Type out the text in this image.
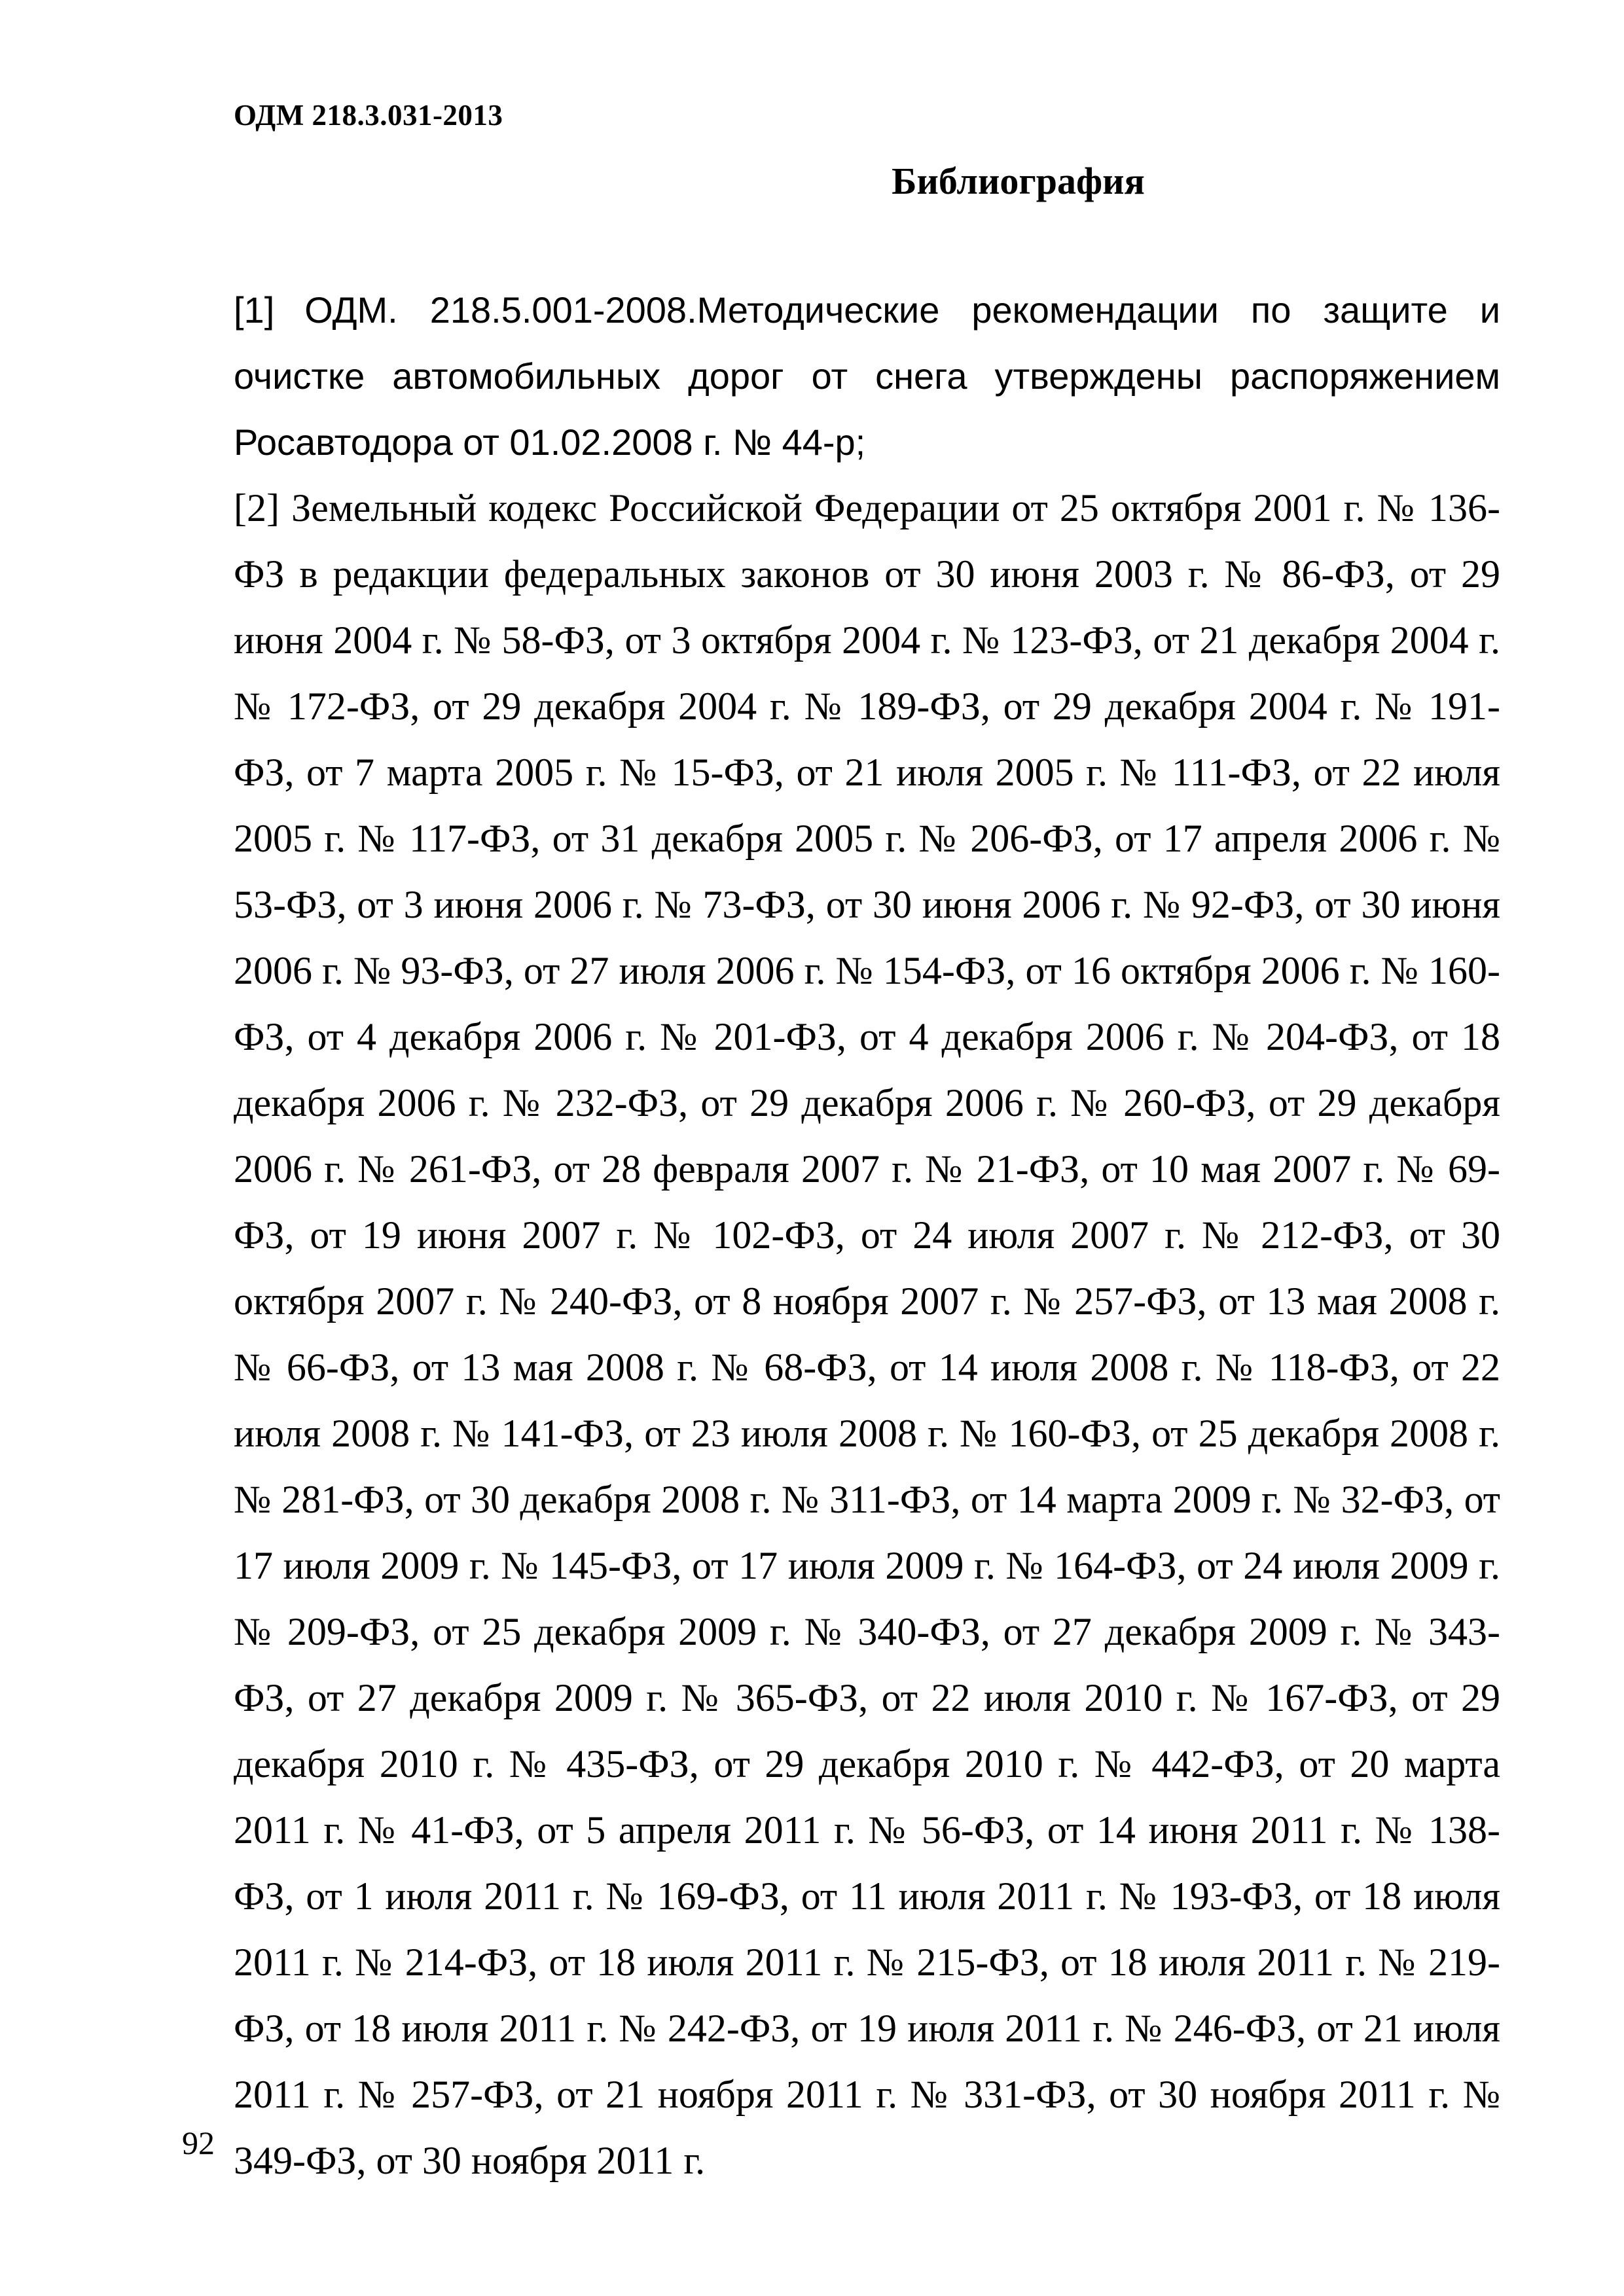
ОДМ 218.3.031-2013
Библиография

[1] ОДМ. 218.5.001-2008.Методические рекомендации по защите и очистке автомобильных дорог от снега утверждены распоряжением Росавтодора от 01.02.2008 г. № 44-р;

[2] Земельный кодекс Российской Федерации от 25 октября 2001 г. № 136-ФЗ в редакции федеральных законов от 30 июня 2003 г. № 86-ФЗ, от 29 июня 2004 г. № 58-ФЗ, от 3 октября 2004 г. № 123-ФЗ, от 21 декабря 2004 г. № 172-ФЗ, от 29 декабря 2004 г. № 189-ФЗ, от 29 декабря 2004 г. № 191-ФЗ, от 7 марта 2005 г. № 15-ФЗ, от 21 июля 2005 г. № 111-ФЗ, от 22 июля 2005 г. № 117-ФЗ, от 31 декабря 2005 г. № 206-ФЗ, от 17 апреля 2006 г. № 53-ФЗ, от 3 июня 2006 г. № 73-ФЗ, от 30 июня 2006 г. № 92-ФЗ, от 30 июня 2006 г. № 93-ФЗ, от 27 июля 2006 г. № 154-ФЗ, от 16 октября 2006 г. № 160-ФЗ, от 4 декабря 2006 г. № 201-ФЗ, от 4 декабря 2006 г. № 204-ФЗ, от 18 декабря 2006 г. № 232-ФЗ, от 29 декабря 2006 г. № 260-ФЗ, от 29 декабря 2006 г. № 261-ФЗ, от 28 февраля 2007 г. № 21-ФЗ, от 10 мая 2007 г. № 69-ФЗ, от 19 июня 2007 г. № 102-ФЗ, от 24 июля 2007 г. № 212-ФЗ, от 30 октября 2007 г. № 240-ФЗ, от 8 ноября 2007 г. № 257-ФЗ, от 13 мая 2008 г. № 66-ФЗ, от 13 мая 2008 г. № 68-ФЗ, от 14 июля 2008 г. № 118-ФЗ, от 22 июля 2008 г. № 141-ФЗ, от 23 июля 2008 г. № 160-ФЗ, от 25 декабря 2008 г. № 281-ФЗ, от 30 декабря 2008 г. № 311-ФЗ, от 14 марта 2009 г. № 32-ФЗ, от 17 июля 2009 г. № 145-ФЗ, от 17 июля 2009 г. № 164-ФЗ, от 24 июля 2009 г. № 209-ФЗ, от 25 декабря 2009 г. № 340-ФЗ, от 27 декабря 2009 г. № 343-ФЗ, от 27 декабря 2009 г. № 365-ФЗ, от 22 июля 2010 г. № 167-ФЗ, от 29 декабря 2010 г. № 435-ФЗ, от 29 декабря 2010 г. № 442-ФЗ, от 20 марта 2011 г. № 41-ФЗ, от 5 апреля 2011 г. № 56-ФЗ, от 14 июня 2011 г. № 138-ФЗ, от 1 июля 2011 г. № 169-ФЗ, от 11 июля 2011 г. № 193-ФЗ, от 18 июля 2011 г. № 214-ФЗ, от 18 июля 2011 г. № 215-ФЗ, от 18 июля 2011 г. № 219-ФЗ, от 18 июля 2011 г. № 242-ФЗ, от 19 июля 2011 г. № 246-ФЗ, от 21 июля 2011 г. № 257-ФЗ, от 21 ноября 2011 г. № 331-ФЗ, от 30 ноября 2011 г. № 349-ФЗ, от 30 ноября 2011 г.

92
